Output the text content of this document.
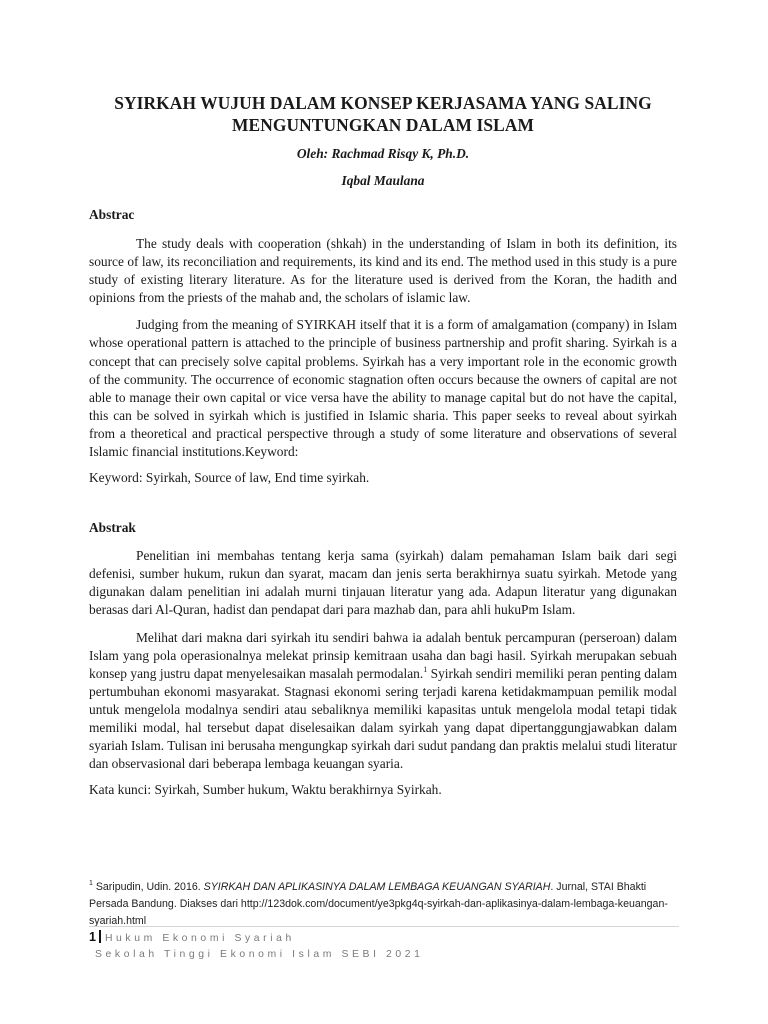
SYIRKAH WUJUH DALAM KONSEP KERJASAMA YANG SALING
MENGUNTUNGKAN DALAM ISLAM

Oleh: Rachmad Risqy K, Ph.D.

Iqbal Maulana

Abstrac

The study deals with cooperation (shkah) in the understanding of Islam in both its definition, its source of law, its reconciliation and requirements, its kind and its end. The method used in this study is a pure study of existing literary literature. As for the literature used is derived from the Koran, the hadith and opinions from the priests of the mahab and, the scholars of islamic law.

Judging from the meaning of SYIRKAH itself that it is a form of amalgamation (company) in Islam whose operational pattern is attached to the principle of business partnership and profit sharing. Syirkah is a concept that can precisely solve capital problems. Syirkah has a very important role in the economic growth of the community. The occurrence of economic stagnation often occurs because the owners of capital are not able to manage their own capital or vice versa have the ability to manage capital but do not have the capital, this can be solved in syirkah which is justified in Islamic sharia. This paper seeks to reveal about syirkah from a theoretical and practical perspective through a study of some literature and observations of several Islamic financial institutions.Keyword:

Keyword: Syirkah, Source of law, End time syirkah.

Abstrak

Penelitian ini membahas tentang kerja sama (syirkah) dalam pemahaman Islam baik dari segi defenisi, sumber hukum, rukun dan syarat, macam dan jenis serta berakhirnya suatu syirkah. Metode yang digunakan dalam penelitian ini adalah murni tinjauan literatur yang ada. Adapun literatur yang digunakan berasas dari Al-Quran, hadist dan pendapat dari para mazhab dan, para ahli hukuPm Islam.

Melihat dari makna dari syirkah itu sendiri bahwa ia adalah bentuk percampuran (perseroan) dalam Islam yang pola operasionalnya melekat prinsip kemitraan usaha dan bagi hasil. Syirkah merupakan sebuah konsep yang justru dapat menyelesaikan masalah permodalan.$^1$ Syirkah sendiri memiliki peran penting dalam pertumbuhan ekonomi masyarakat. Stagnasi ekonomi sering terjadi karena ketidakmampuan pemilik modal untuk mengelola modalnya sendiri atau sebaliknya memiliki kapasitas untuk mengelola modal tetapi tidak memiliki modal, hal tersebut dapat diselesaikan dalam syirkah yang dapat dipertanggungjawabkan dalam syariah Islam. Tulisan ini berusaha mengungkap syirkah dari sudut pandang dan praktis melalui studi literatur dan observasional dari beberapa lembaga keuangan syaria.

Kata kunci: Syirkah, Sumber hukum, Waktu berakhirnya Syirkah.

$^1$ Saripudin, Udin. 2016. SYIRKAH DAN APLIKASINYA DALAM LEMBAGA KEUANGAN SYARIAH. Jurnal, STAI Bhakti Persada Bandung. Diakses dari http://123dok.com/document/ye3pkg4q-syirkah-dan-aplikasinya-dalam-lembaga-keuangan-syariah.html
1 Hukum Ekonomi Syariah
Sekolah Tinggi Ekonomi Islam SEBI 2021
